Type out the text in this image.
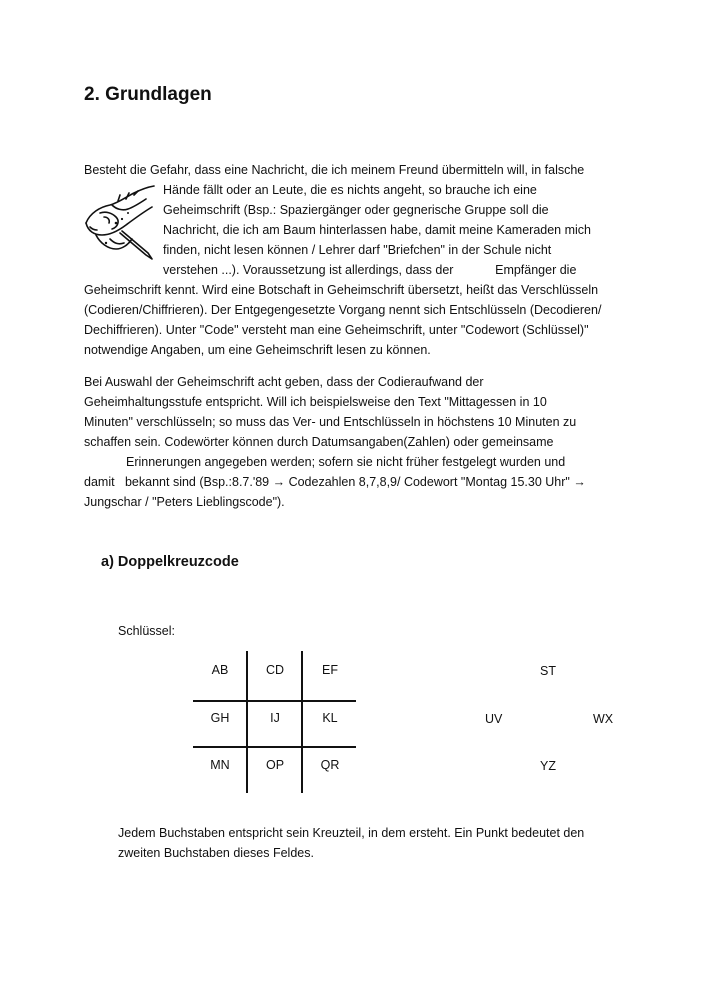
2. Grundlagen
Besteht die Gefahr, dass eine Nachricht, die ich meinem Freund übermitteln will, in falsche
Hände fällt oder an Leute, die es nichts angeht, so brauche ich eine
Geheimschrift (Bsp.: Spaziergänger oder gegnerische Gruppe soll die
Nachricht, die ich am Baum hinterlassen habe, damit meine Kameraden mich
finden, nicht lesen können / Lehrer darf "Briefchen" in der Schule nicht
verstehen ...). Voraussetzung ist allerdings, dass der            Empfänger die
Geheimschrift kennt. Wird eine Botschaft in Geheimschrift übersetzt, heißt das Verschlüsseln
(Codieren/Chiffrieren). Der Entgegengesetzte Vorgang nennt sich Entschlüsseln (Decodieren/
Dechiffrieren). Unter "Code" versteht man eine Geheimschrift, unter "Codewort (Schlüssel)"
notwendige Angaben, um eine Geheimschrift lesen zu können.
Bei Auswahl der Geheimschrift acht geben, dass der Codieraufwand der
Geheimhaltungsstufe entspricht. Will ich beispielsweise den Text "Mittagessen in 10
Minuten" verschlüsseln; so muss das Ver- und Entschlüsseln in höchstens 10 Minuten zu
schaffen sein. Codewörter können durch Datumsangaben(Zahlen) oder gemeinsame
Erinnerungen angegeben werden; sofern sie nicht früher festgelegt wurden und
damit   bekannt sind (Bsp.:8.7.'89 → Codezahlen 8,7,8,9/ Codewort "Montag 15.30 Uhr" →
Jungschar / "Peters Lieblingscode").
a) Doppelkreuzcode
Schlüssel:
AB	CD	EF
GH	IJ	KL
MN	OP	QR
ST
UV	WX
YZ
Jedem Buchstaben entspricht sein Kreuzteil, in dem ersteht. Ein Punkt bedeutet den
zweiten Buchstaben dieses Feldes.
